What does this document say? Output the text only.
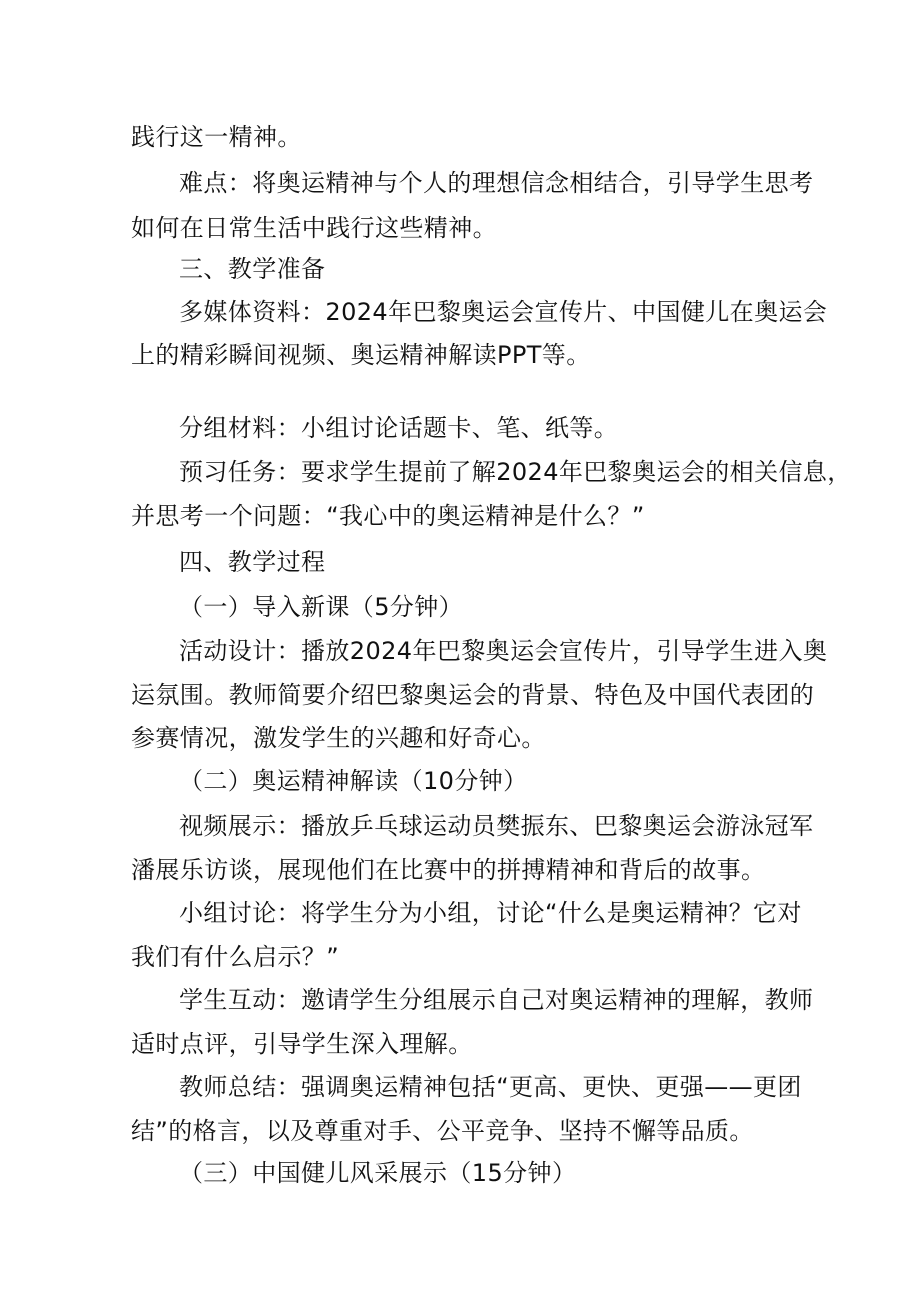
践行这一精神。
难点：将奥运精神与个人的理想信念相结合，引导学生思考
如何在日常生活中践行这些精神。
三、教学准备
多媒体资料：2024年巴黎奥运会宣传片、中国健儿在奥运会
上的精彩瞬间视频、奥运精神解读PPT等。
分组材料：小组讨论话题卡、笔、纸等。
预习任务：要求学生提前了解2024年巴黎奥运会的相关信息，
并思考一个问题：“我心中的奥运精神是什么？”
四、教学过程
（一）导入新课（5分钟）
活动设计：播放2024年巴黎奥运会宣传片，引导学生进入奥
运氛围。教师简要介绍巴黎奥运会的背景、特色及中国代表团的
参赛情况，激发学生的兴趣和好奇心。
（二）奥运精神解读（10分钟）
视频展示：播放乒乓球运动员樊振东、巴黎奥运会游泳冠军
潘展乐访谈，展现他们在比赛中的拼搏精神和背后的故事。
小组讨论：将学生分为小组，讨论“什么是奥运精神？它对
我们有什么启示？”
学生互动：邀请学生分组展示自己对奥运精神的理解，教师
适时点评，引导学生深入理解。
教师总结：强调奥运精神包括“更高、更快、更强——更团
结”的格言，以及尊重对手、公平竞争、坚持不懈等品质。
（三）中国健儿风采展示（15分钟）
